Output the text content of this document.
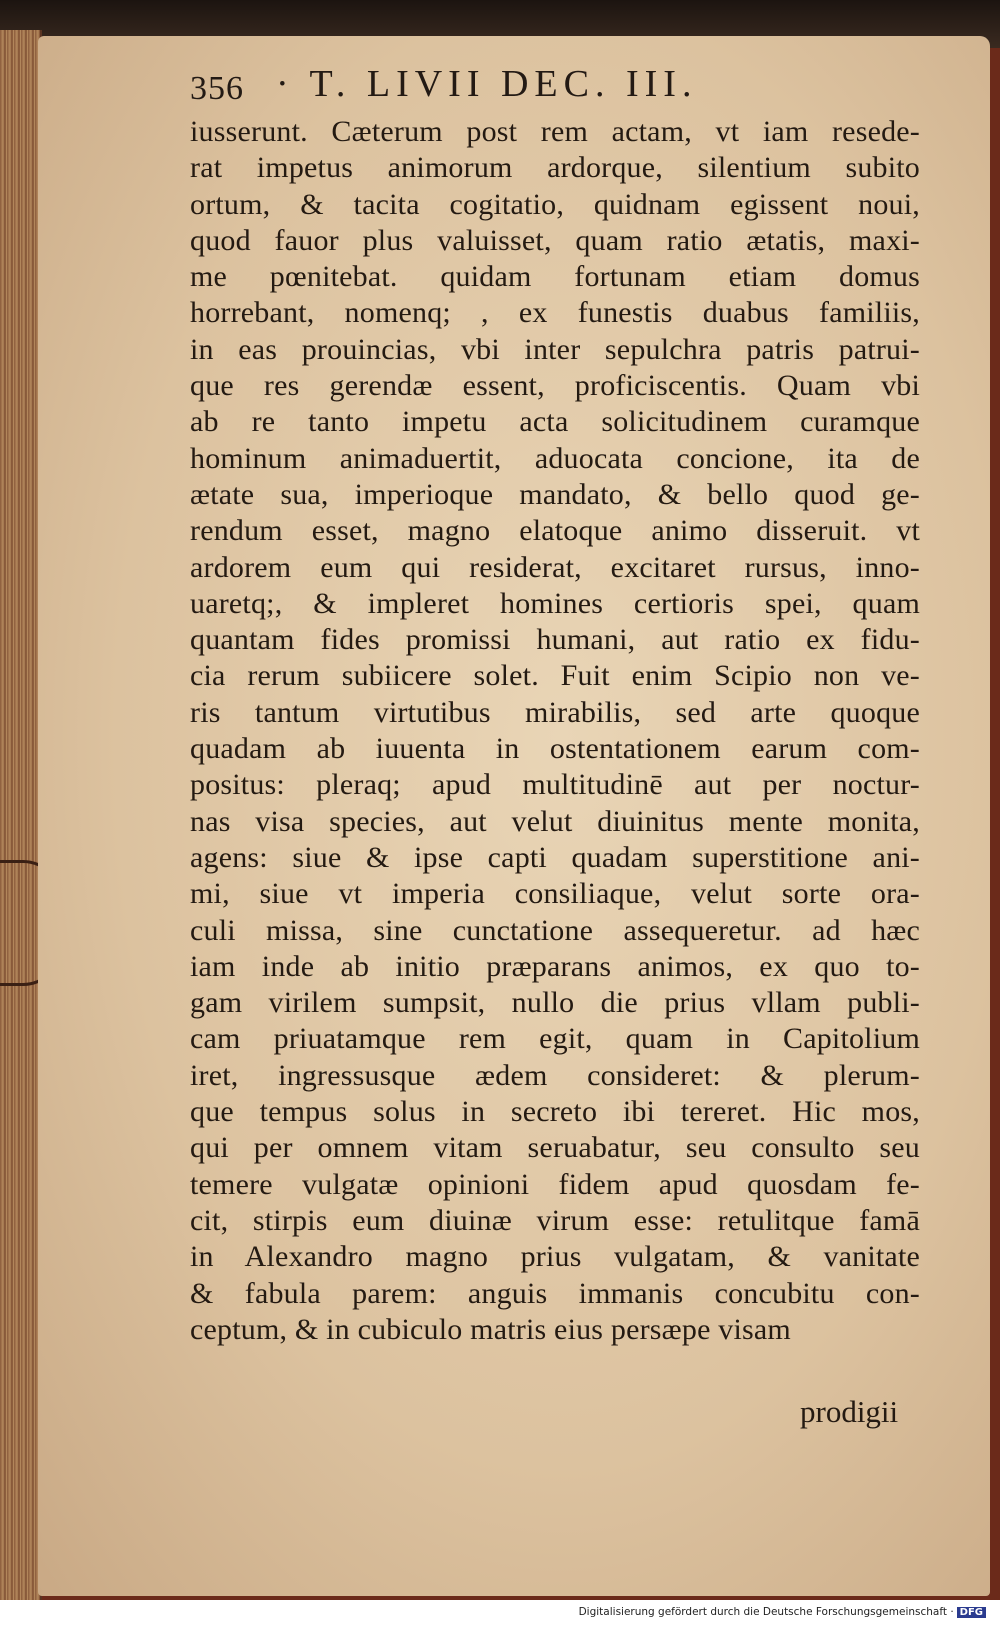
356 · T. LIVII DEC. III.
iusserunt. Cæterum post rem actam, vt iam resede-
rat impetus animorum ardorque, silentium subito
ortum, & tacita cogitatio, quidnam egissent noui,
quod fauor plus valuisset, quam ratio ætatis, maxi-
me pœnitebat. quidam fortunam etiam domus
horrebant, nomenq; , ex funestis duabus familiis,
in eas prouincias, vbi inter sepulchra patris patrui-
que res gerendæ essent, proficiscentis. Quam vbi
ab re tanto impetu acta solicitudinem curamque
hominum animaduertit, aduocata concione, ita de
ætate sua, imperioque mandato, & bello quod ge-
rendum esset, magno elatoque animo disseruit. vt
ardorem eum qui residerat, excitaret rursus, inno-
uaretq;, & impleret homines certioris spei, quam
quantam fides promissi humani, aut ratio ex fidu-
cia rerum subiicere solet. Fuit enim Scipio non ve-
ris tantum virtutibus mirabilis, sed arte quoque
quadam ab iuuenta in ostentationem earum com-
positus: pleraq; apud multitudinē aut per noctur-
nas visa species, aut velut diuinitus mente monita,
agens: siue & ipse capti quadam superstitione ani-
mi, siue vt imperia consiliaque, velut sorte ora-
culi missa, sine cunctatione assequeretur. ad hæc
iam inde ab initio præparans animos, ex quo to-
gam virilem sumpsit, nullo die prius vllam publi-
cam priuatamque rem egit, quam in Capitolium
iret, ingressusque ædem consideret: & plerum-
que tempus solus in secreto ibi tereret. Hic mos,
qui per omnem vitam seruabatur, seu consulto seu
temere vulgatæ opinioni fidem apud quosdam fe-
cit, stirpis eum diuinæ virum esse: retulitque famā
in Alexandro magno prius vulgatam, & vanitate
& fabula parem: anguis immanis concubitu con-
ceptum, & in cubiculo matris eius persæpe visam
prodigii
Digitalisierung gefördert durch die Deutsche Forschungsgemeinschaft · DFG
